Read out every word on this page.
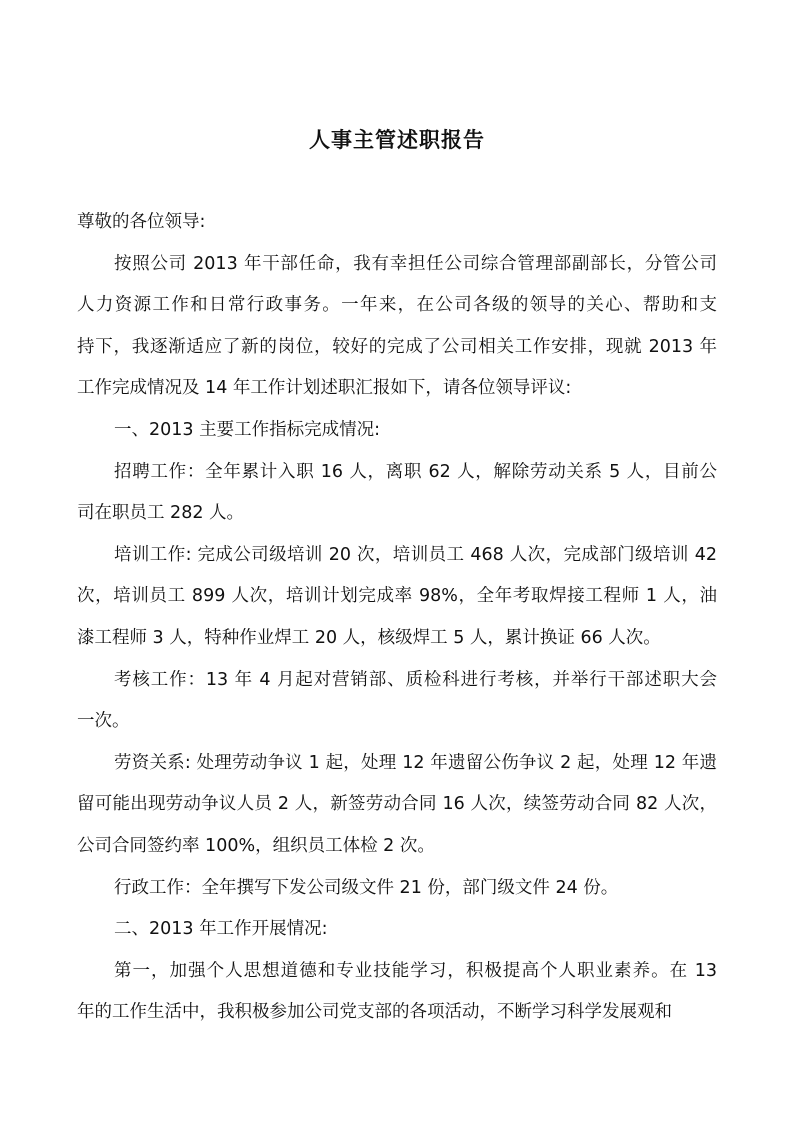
人事主管述职报告
尊敬的各位领导:
按照公司 2013 年干部任命，我有幸担任公司综合管理部副部长，分管公司
人力资源工作和日常行政事务。一年来，在公司各级的领导的关心、帮助和支
持下，我逐渐适应了新的岗位，较好的完成了公司相关工作安排，现就 2013 年
工作完成情况及 14 年工作计划述职汇报如下，请各位领导评议:
一、2013 主要工作指标完成情况:
招聘工作：全年累计入职 16 人，离职 62 人，解除劳动关系 5 人，目前公
司在职员工 282 人。
培训工作: 完成公司级培训 20 次，培训员工 468 人次，完成部门级培训 42
次，培训员工 899 人次，培训计划完成率 98%，全年考取焊接工程师 1 人，油
漆工程师 3 人，特种作业焊工 20 人，核级焊工 5 人，累计换证 66 人次。
考核工作：13 年 4 月起对营销部、质检科进行考核，并举行干部述职大会
一次。
劳资关系: 处理劳动争议 1 起，处理 12 年遗留公伤争议 2 起，处理 12 年遗
留可能出现劳动争议人员 2 人，新签劳动合同 16 人次，续签劳动合同 82 人次，
公司合同签约率 100%，组织员工体检 2 次。
行政工作：全年撰写下发公司级文件 21 份，部门级文件 24 份。
二、2013 年工作开展情况:
第一，加强个人思想道德和专业技能学习，积极提高个人职业素养。在 13
年的工作生活中，我积极参加公司党支部的各项活动，不断学习科学发展观和
